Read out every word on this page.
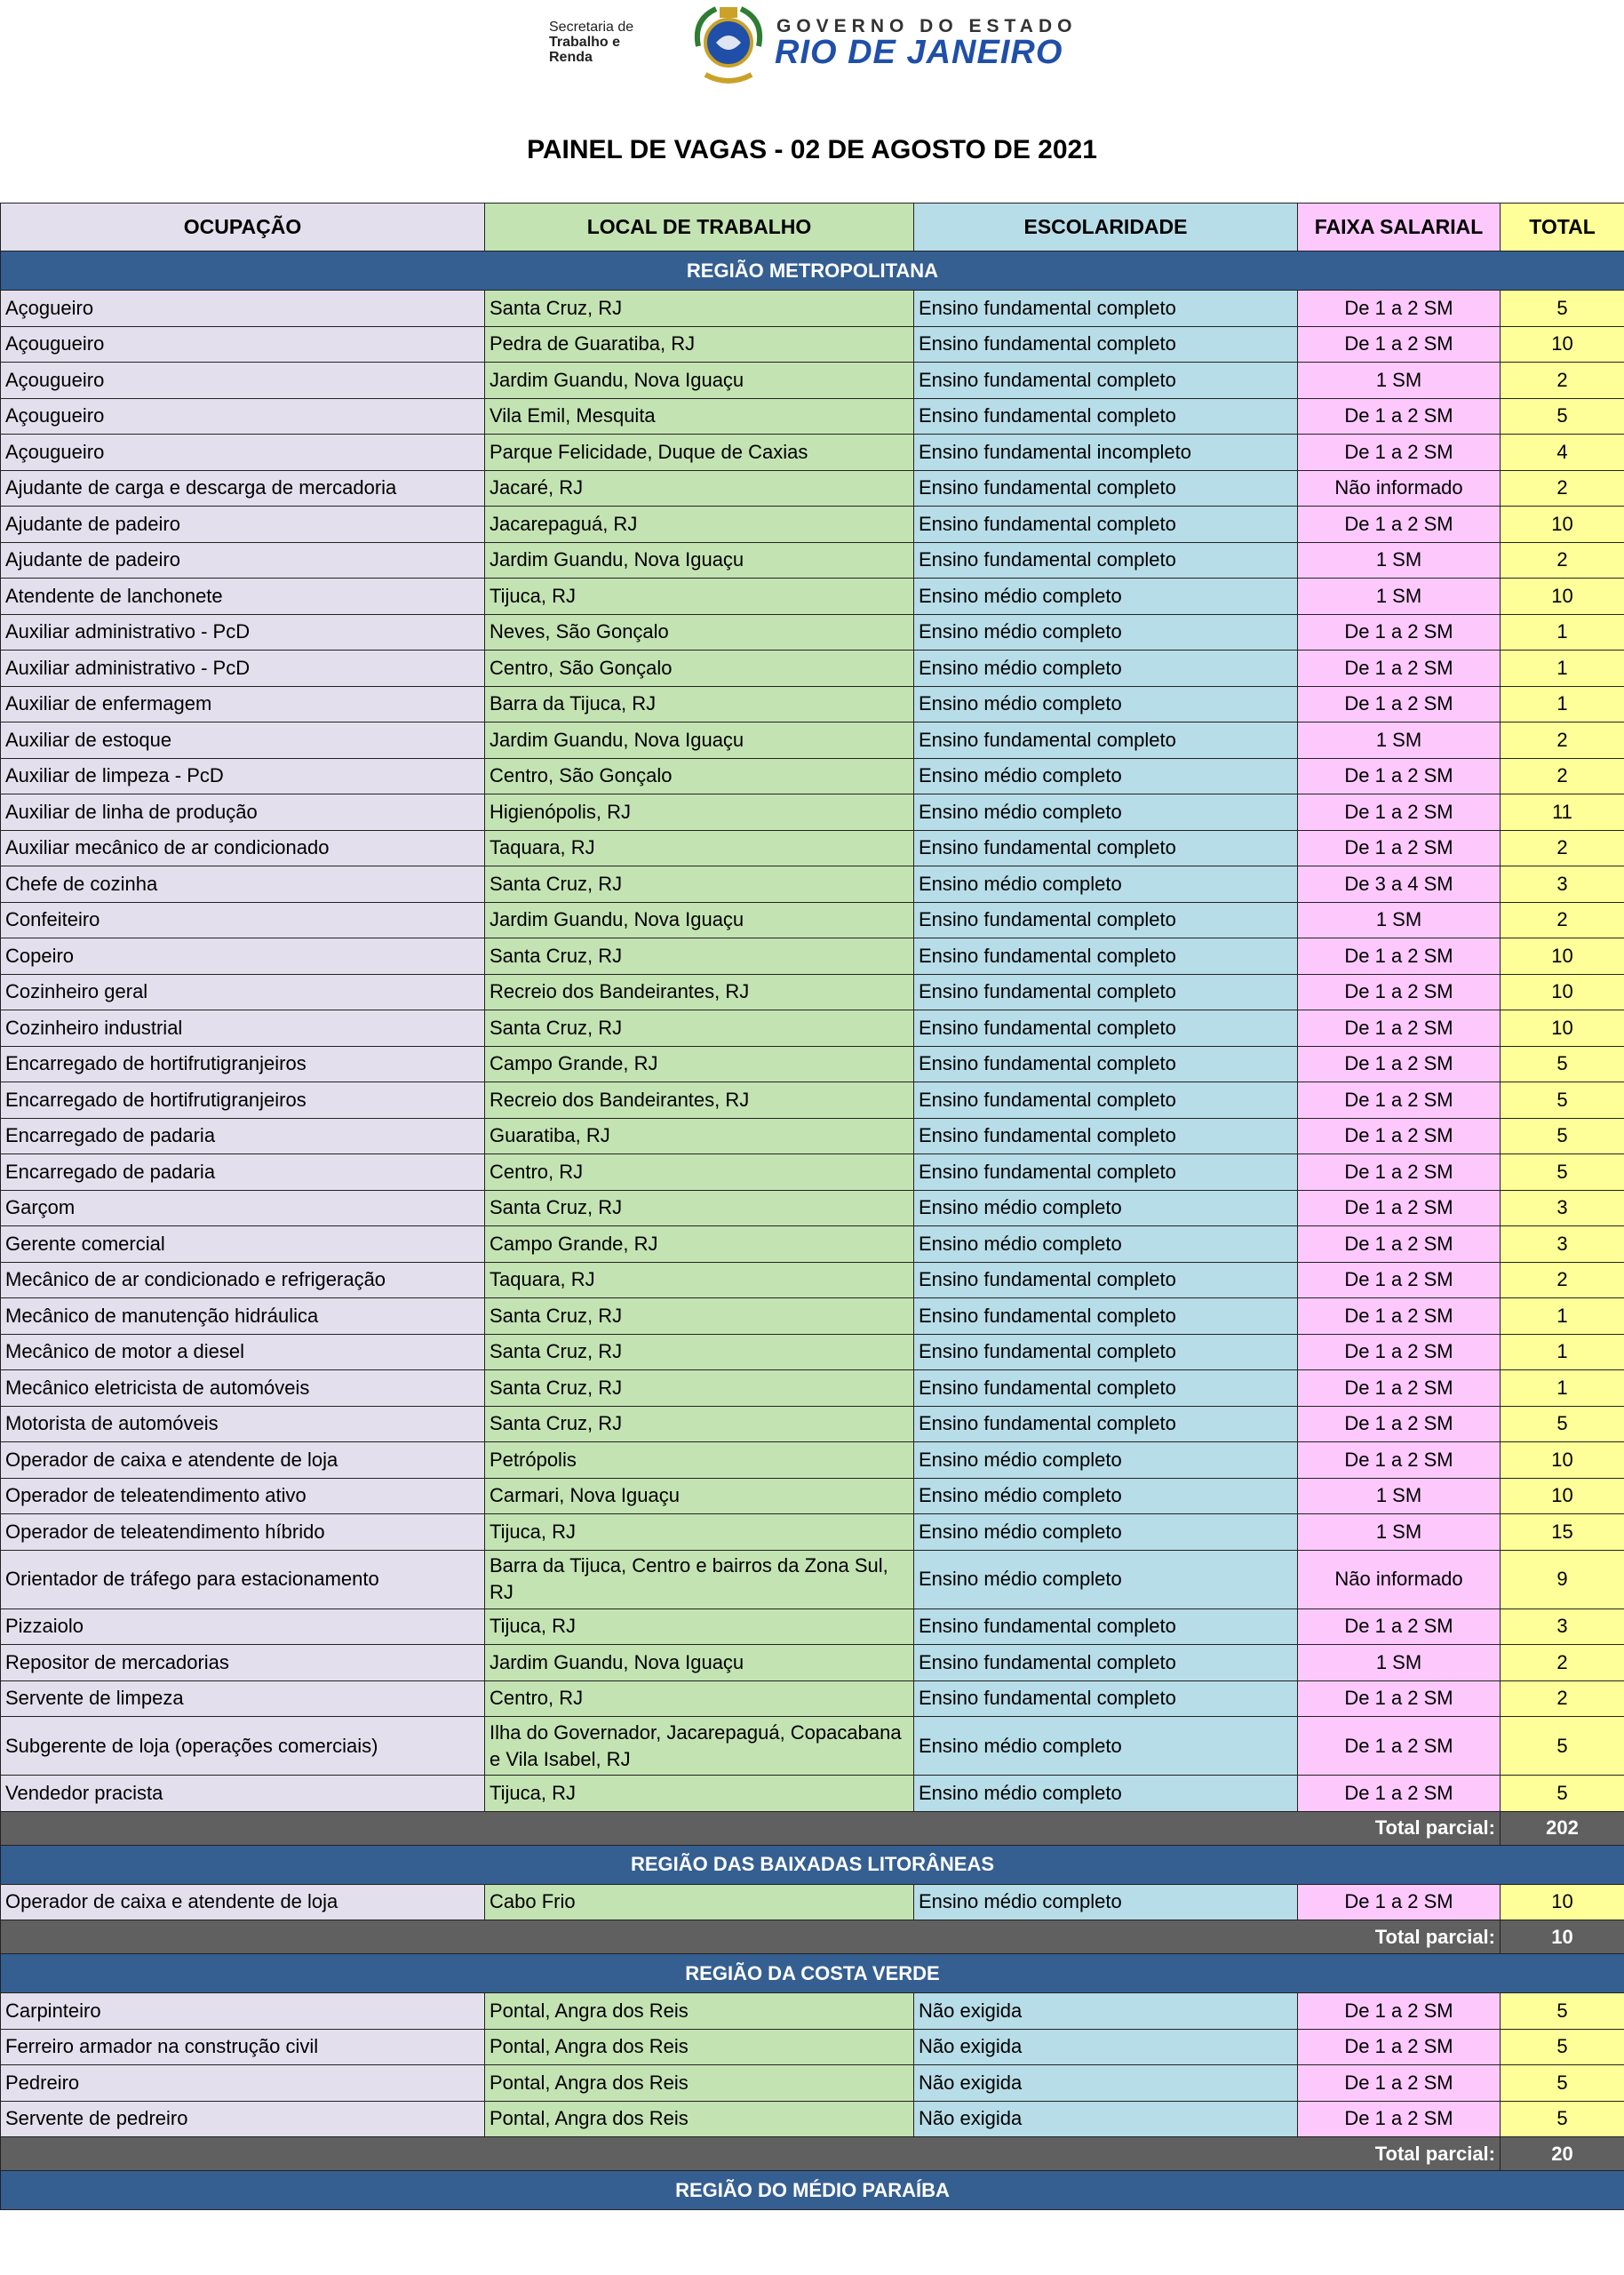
Secretaria de
Trabalho e
Renda
GOVERNO DO ESTADO
RIO DE JANEIRO
PAINEL DE VAGAS - 02 DE AGOSTO DE 2021
OCUPAÇÃO	LOCAL DE TRABALHO	ESCOLARIDADE	FAIXA SALARIAL	TOTAL
REGIÃO METROPOLITANA				
Açogueiro	Santa Cruz, RJ	Ensino fundamental completo	De 1 a 2 SM	5
Açougueiro	Pedra de Guaratiba, RJ	Ensino fundamental completo	De 1 a 2 SM	10
Açougueiro	Jardim Guandu, Nova Iguaçu	Ensino fundamental completo	1 SM	2
Açougueiro	Vila Emil, Mesquita	Ensino fundamental completo	De 1 a 2 SM	5
Açougueiro	Parque Felicidade, Duque de Caxias	Ensino fundamental incompleto	De 1 a 2 SM	4
Ajudante de carga e descarga de mercadoria	Jacaré, RJ	Ensino fundamental completo	Não informado	2
Ajudante de padeiro	Jacarepaguá, RJ	Ensino fundamental completo	De 1 a 2 SM	10
Ajudante de padeiro	Jardim Guandu, Nova Iguaçu	Ensino fundamental completo	1 SM	2
Atendente de lanchonete	Tijuca, RJ	Ensino médio completo	1 SM	10
Auxiliar administrativo - PcD	Neves, São Gonçalo	Ensino médio completo	De 1 a 2 SM	1
Auxiliar administrativo - PcD	Centro, São Gonçalo	Ensino médio completo	De 1 a 2 SM	1
Auxiliar de enfermagem	Barra da Tijuca, RJ	Ensino médio completo	De 1 a 2 SM	1
Auxiliar de estoque	Jardim Guandu, Nova Iguaçu	Ensino fundamental completo	1 SM	2
Auxiliar de limpeza - PcD	Centro, São Gonçalo	Ensino médio completo	De 1 a 2 SM	2
Auxiliar de linha de produção	Higienópolis, RJ	Ensino médio completo	De 1 a 2 SM	11
Auxiliar mecânico de ar condicionado	Taquara, RJ	Ensino fundamental completo	De 1 a 2 SM	2
Chefe de cozinha	Santa Cruz, RJ	Ensino médio completo	De 3 a 4 SM	3
Confeiteiro	Jardim Guandu, Nova Iguaçu	Ensino fundamental completo	1 SM	2
Copeiro	Santa Cruz, RJ	Ensino fundamental completo	De 1 a 2 SM	10
Cozinheiro geral	Recreio dos Bandeirantes, RJ	Ensino fundamental completo	De 1 a 2 SM	10
Cozinheiro industrial	Santa Cruz, RJ	Ensino fundamental completo	De 1 a 2 SM	10
Encarregado de hortifrutigranjeiros	Campo Grande, RJ	Ensino fundamental completo	De 1 a 2 SM	5
Encarregado de hortifrutigranjeiros	Recreio dos Bandeirantes, RJ	Ensino fundamental completo	De 1 a 2 SM	5
Encarregado de padaria	Guaratiba, RJ	Ensino fundamental completo	De 1 a 2 SM	5
Encarregado de padaria	Centro, RJ	Ensino fundamental completo	De 1 a 2 SM	5
Garçom	Santa Cruz, RJ	Ensino médio completo	De 1 a 2 SM	3
Gerente comercial	Campo Grande, RJ	Ensino médio completo	De 1 a 2 SM	3
Mecânico de ar condicionado e refrigeração	Taquara, RJ	Ensino fundamental completo	De 1 a 2 SM	2
Mecânico de manutenção hidráulica	Santa Cruz, RJ	Ensino fundamental completo	De 1 a 2 SM	1
Mecânico de motor a diesel	Santa Cruz, RJ	Ensino fundamental completo	De 1 a 2 SM	1
Mecânico eletricista de automóveis	Santa Cruz, RJ	Ensino fundamental completo	De 1 a 2 SM	1
Motorista de automóveis	Santa Cruz, RJ	Ensino fundamental completo	De 1 a 2 SM	5
Operador de caixa e atendente de loja	Petrópolis	Ensino médio completo	De 1 a 2 SM	10
Operador de teleatendimento ativo	Carmari, Nova Iguaçu	Ensino médio completo	1 SM	10
Operador de teleatendimento híbrido	Tijuca, RJ	Ensino médio completo	1 SM	15
Orientador de tráfego para estacionamento	Barra da Tijuca, Centro e bairros da Zona Sul, RJ	Ensino médio completo	Não informado	9
Pizzaiolo	Tijuca, RJ	Ensino fundamental completo	De 1 a 2 SM	3
Repositor de mercadorias	Jardim Guandu, Nova Iguaçu	Ensino fundamental completo	1 SM	2
Servente de limpeza	Centro, RJ	Ensino fundamental completo	De 1 a 2 SM	2
Subgerente de loja (operações comerciais)	Ilha do Governador, Jacarepaguá, Copacabana e Vila Isabel, RJ	Ensino médio completo	De 1 a 2 SM	5
Vendedor pracista	Tijuca, RJ	Ensino médio completo	De 1 a 2 SM	5
Total parcial:				202
REGIÃO DAS BAIXADAS LITORÂNEAS				
Operador de caixa e atendente de loja	Cabo Frio	Ensino médio completo	De 1 a 2 SM	10
Total parcial:				10
REGIÃO DA COSTA VERDE				
Carpinteiro	Pontal, Angra dos Reis	Não exigida	De 1 a 2 SM	5
Ferreiro armador na construção civil	Pontal, Angra dos Reis	Não exigida	De 1 a 2 SM	5
Pedreiro	Pontal, Angra dos Reis	Não exigida	De 1 a 2 SM	5
Servente de pedreiro	Pontal, Angra dos Reis	Não exigida	De 1 a 2 SM	5
Total parcial:				20
REGIÃO DO MÉDIO PARAÍBA				
